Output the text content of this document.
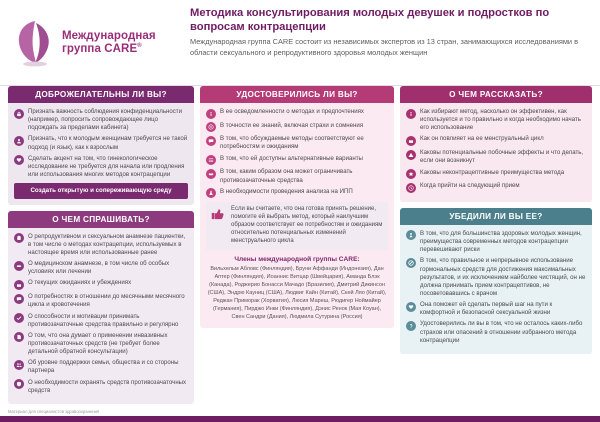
Международная
группа CARE®
Методика консультирования молодых девушек и подростков по вопросам контрацепции

Международная группа CARE состоит из независимых экспертов из 13 стран, занимающихся исследованиями в области сексуального и репродуктивного здоровья молодых женщин

ДОБРОЖЕЛАТЕЛЬНЫ ЛИ ВЫ?
Признать важность соблюдения конфиденциальности (например, попросить сопровождающее лицо подождать за пределами кабинета)
Признать, что к молодым женщинам требуется не такой подход (и язык), как к взрослым
Сделать акцент на том, что гинекологическое исследование не требуется для начала или продления или использования многих методов контрацепции
Создать открытую и сопереживающую среду
О ЧЕМ СПРАШИВАТЬ?
О репродуктивном и сексуальном анамнезе пациентки, в том числе о методах контрацепции, используемых в настоящее время или использованные ранее
О медицинском анамнезе, в том числе об особых условиях или лечении
О текущих ожиданиях и убеждениях
О потребностях в отношении до месячными месячного цикла и кровотечения
О способности и мотивации принимать противозачаточные средства правильно и регулярно
О том, что она думает о применении инвазивных противозачаточных средств (не требует более детальной обратной консультации)
Об уровне поддержки семьи, общества и со стороны партнера
О необходимости охранять средств противозачаточных средств
УДОСТОВЕРИЛИСЬ ЛИ ВЫ?
В ее осведомленности о методах и предпочтениях
В точности ее знаний, включая страхи и сомнения
В том, что обсуждаемые методы соответствуют ее потребностям и ожиданиям
В том, что ей доступны альтернативные варианты
В том, каким образом она может ограничивать противозачаточные средства
В необходимости проведения анализа на ИПП

Если вы считаете, что она готова принять решение, помогите ей выбрать метод, который наилучшим образом соответствует ее потребностям и ожиданиям относительно потенциальных изменений менструального цикла

Члены международной группы CARE:

Вильхельм Абловс (Финляндия), Бруни Аффанди (Индонезия), Дан Аптер (Финляндия), Иоаннис Витцар (Швейцария), Аманда Блэк (Канада), Роджерио Бонасси Мачадо (Бразилия), Дмитрий Дикинсон (США), Эндрю Кауниц (США), Людвиг Кайн (Китай), Скей Ляо (Китай), Реджан Приморак (Хорватия), Люсия Мареш, Рюдигер Ноймайер (Германия), Пирджо Инки (Финляндия), Дэнис Ренок (Мая Коуан), Свен Сандри (Дания), Людмила Сутурина (Россия)

О ЧЕМ РАССКАЗАТЬ?
Как избирают метод, насколько он эффективен, как используется и то правильно и когда необходимо начать его использование
Как он повлияет на ее менструальный цикл
Каковы потенциальные побочные эффекты и что делать, если они возникнут
Каковы неконтрацептивные преимущества метода
Когда прийти на следующий прием
УБЕДИЛИ ЛИ ВЫ ЕЕ?
В том, что для большинства здоровых молодых женщин, преимущества современных методов контрацепции перевешивают риски
В том, что правильное и непрерывное использование гормональных средств для достижения максимальных результатов, и их исключением найболее чистящий, он не должна принимать прием контрацептивов, не посоветовавшись с врачом
Она поможет ей сделать первый шаг на пути к комфортной и безопасной сексуальной жизни
Удостоверились ли вы в том, что не осталось каких-либо страхов или опасений в отношении избранного метода контрацепции
Материал для специалистов здравоохранения
